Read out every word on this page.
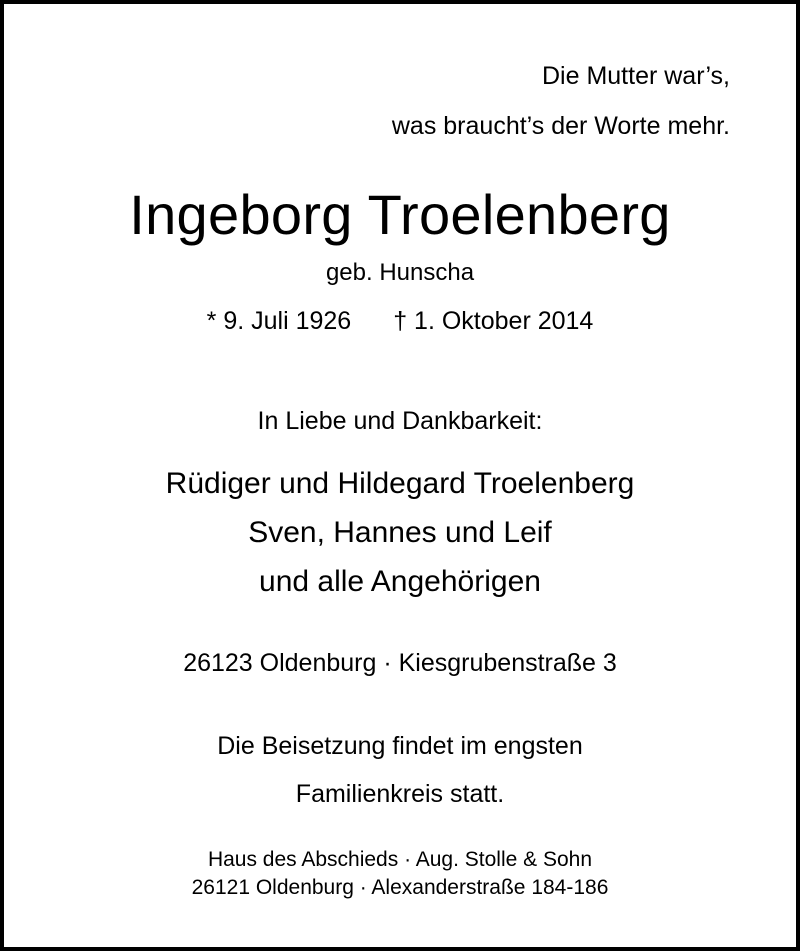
Die Mutter war’s,
was braucht’s der Worte mehr.
Ingeborg Troelenberg
geb. Hunscha
* 9. Juli 1926 † 1. Oktober 2014
In Liebe und Dankbarkeit:
Rüdiger und Hildegard Troelenberg
Sven, Hannes und Leif
und alle Angehörigen
26123 Oldenburg · Kiesgrubenstraße 3
Die Beisetzung findet im engsten
Familienkreis statt.
Haus des Abschieds · Aug. Stolle & Sohn
26121 Oldenburg · Alexanderstraße 184-186
